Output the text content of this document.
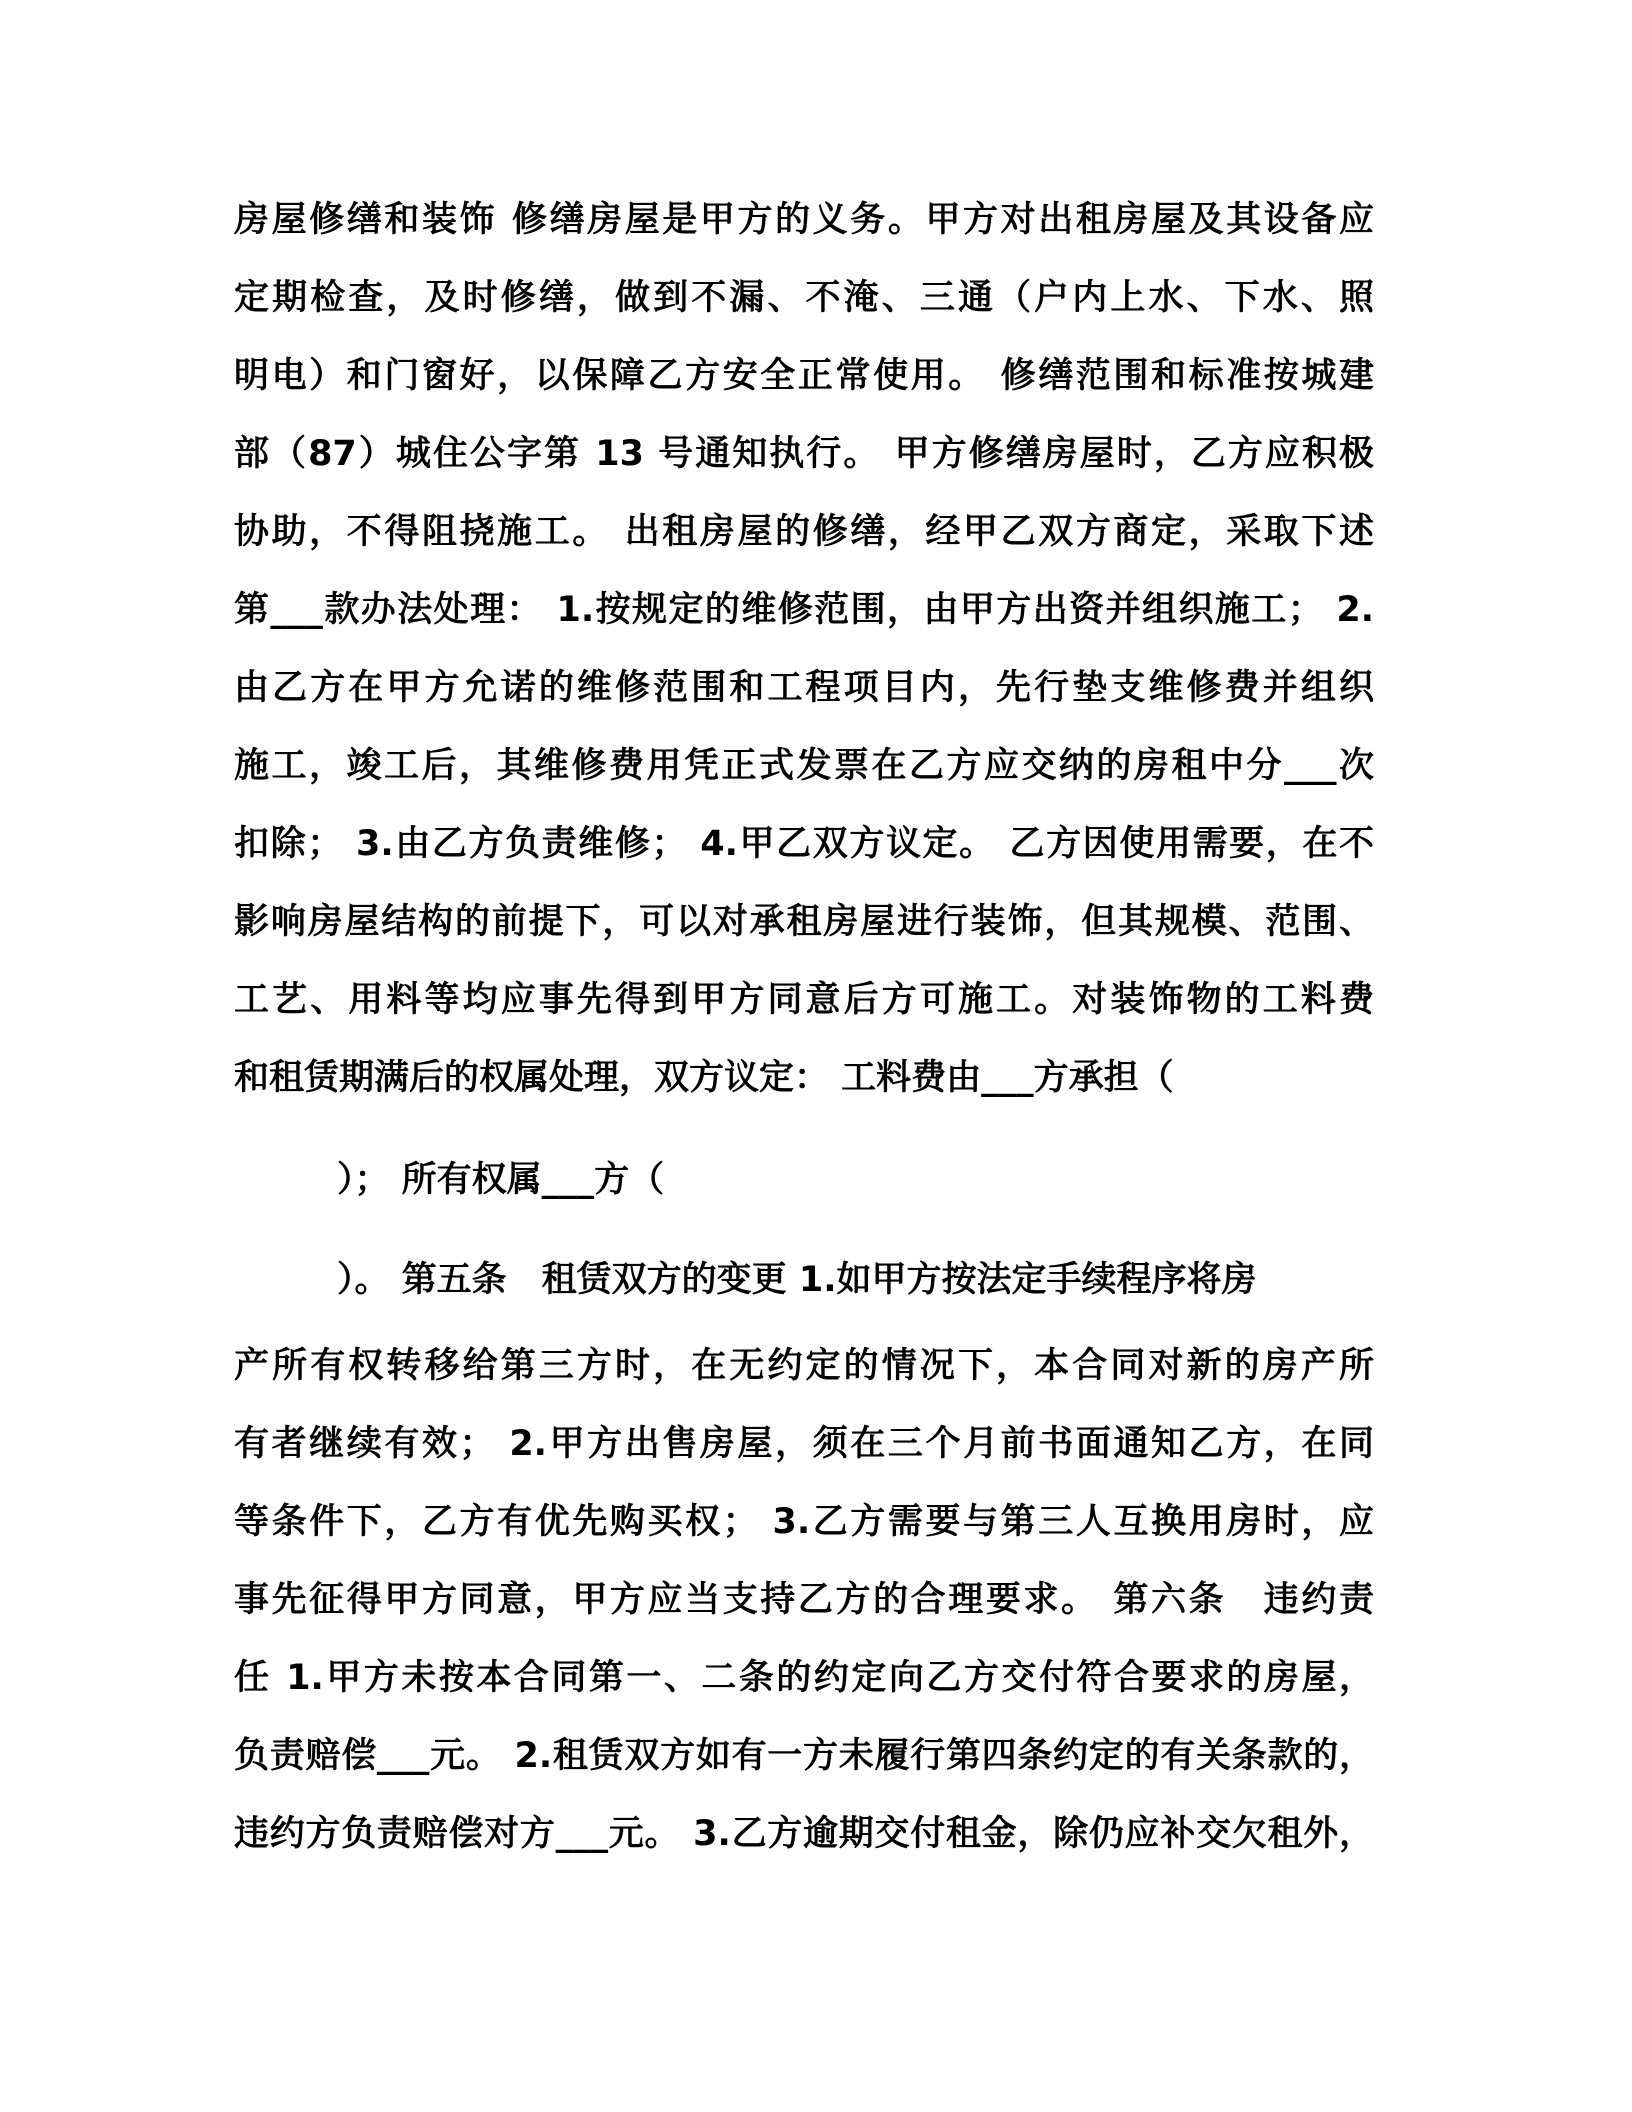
房屋修缮和装饰 修缮房屋是甲方的义务。甲方对出租房屋及其设备应
定期检查，及时修缮，做到不漏、不淹、三通（户内上水、下水、照
明电）和门窗好，以保障乙方安全正常使用。 修缮范围和标准按城建
部（87）城住公字第 13 号通知执行。 甲方修缮房屋时，乙方应积极
协助，不得阻挠施工。 出租房屋的修缮，经甲乙双方商定，采取下述
第___款办法处理： 1.按规定的维修范围，由甲方出资并组织施工； 2.
由乙方在甲方允诺的维修范围和工程项目内，先行垫支维修费并组织
施工，竣工后，其维修费用凭正式发票在乙方应交纳的房租中分___次
扣除； 3.由乙方负责维修； 4.甲乙双方议定。 乙方因使用需要，在不
影响房屋结构的前提下，可以对承租房屋进行装饰，但其规模、范围、
工艺、用料等均应事先得到甲方同意后方可施工。对装饰物的工料费
和租赁期满后的权属处理，双方议定： 工料费由___方承担（
）； 所有权属___方（
）。 第五条　租赁双方的变更 1.如甲方按法定手续程序将房
产所有权转移给第三方时，在无约定的情况下，本合同对新的房产所
有者继续有效； 2.甲方出售房屋，须在三个月前书面通知乙方，在同
等条件下，乙方有优先购买权； 3.乙方需要与第三人互换用房时，应
事先征得甲方同意，甲方应当支持乙方的合理要求。 第六条　违约责
任 1.甲方未按本合同第一、二条的约定向乙方交付符合要求的房屋，
负责赔偿___元。 2.租赁双方如有一方未履行第四条约定的有关条款的，
违约方负责赔偿对方___元。 3.乙方逾期交付租金，除仍应补交欠租外，
